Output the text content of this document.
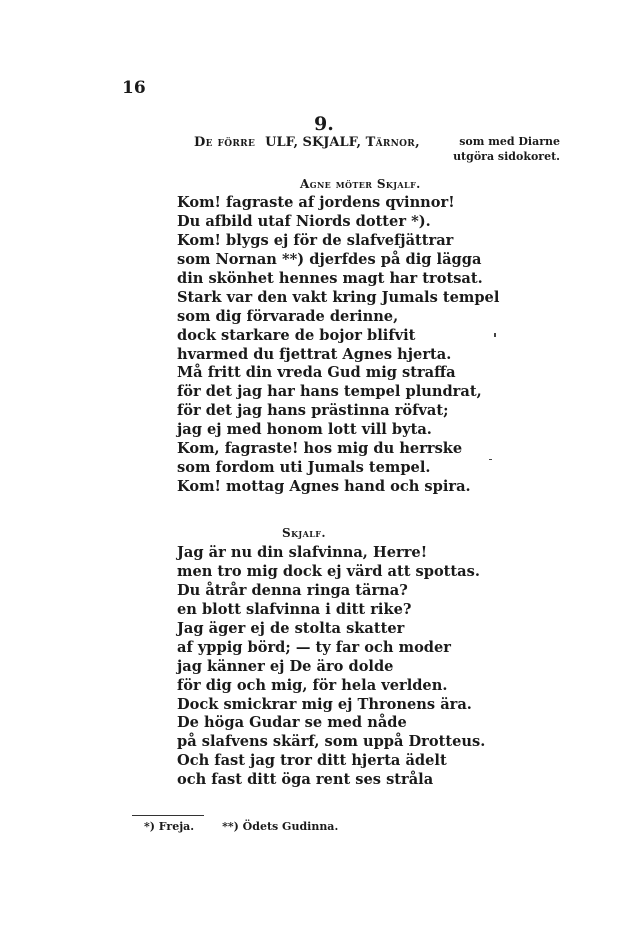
16
9.
De förre ULF, SKJALF, Tärnor,	som med Diarne
utgöra sidokoret.
Agne möter Skjalf.
Kom! fagraste af jordens qvinnor!
Du afbild utaf Niords dotter *).
Kom! blygs ej för de slafvefjättrar
som Nornan **) djerfdes på dig lägga
din skönhet hennes magt har trotsat.
Stark var den vakt kring Jumals tempel
som dig förvarade derinne,
dock starkare de bojor blifvit
hvarmed du fjettrat Agnes hjerta.
Må fritt din vreda Gud mig straffa
för det jag har hans tempel plundrat,
för det jag hans prästinna röfvat;
jag ej med honom lott vill byta.
Kom, fagraste! hos mig du herrske
som fordom uti Jumals tempel.
Kom! mottag Agnes hand och spira.
Skjalf.
Jag är nu din slafvinna, Herre!
men tro mig dock ej värd att spottas.
Du åtrår denna ringa tärna?
en blott slafvinna i ditt rike?
Jag äger ej de stolta skatter
af yppig börd; — ty far och moder
jag känner ej De äro dolde
för dig och mig, för hela verlden.
Dock smickrar mig ej Thronens ära.
De höga Gudar se med nåde
på slafvens skärf, som uppå Drotteus.
Och fast jag tror ditt hjerta ädelt
och fast ditt öga rent ses stråla
*) Freja.	**) Ödets Gudinna.
